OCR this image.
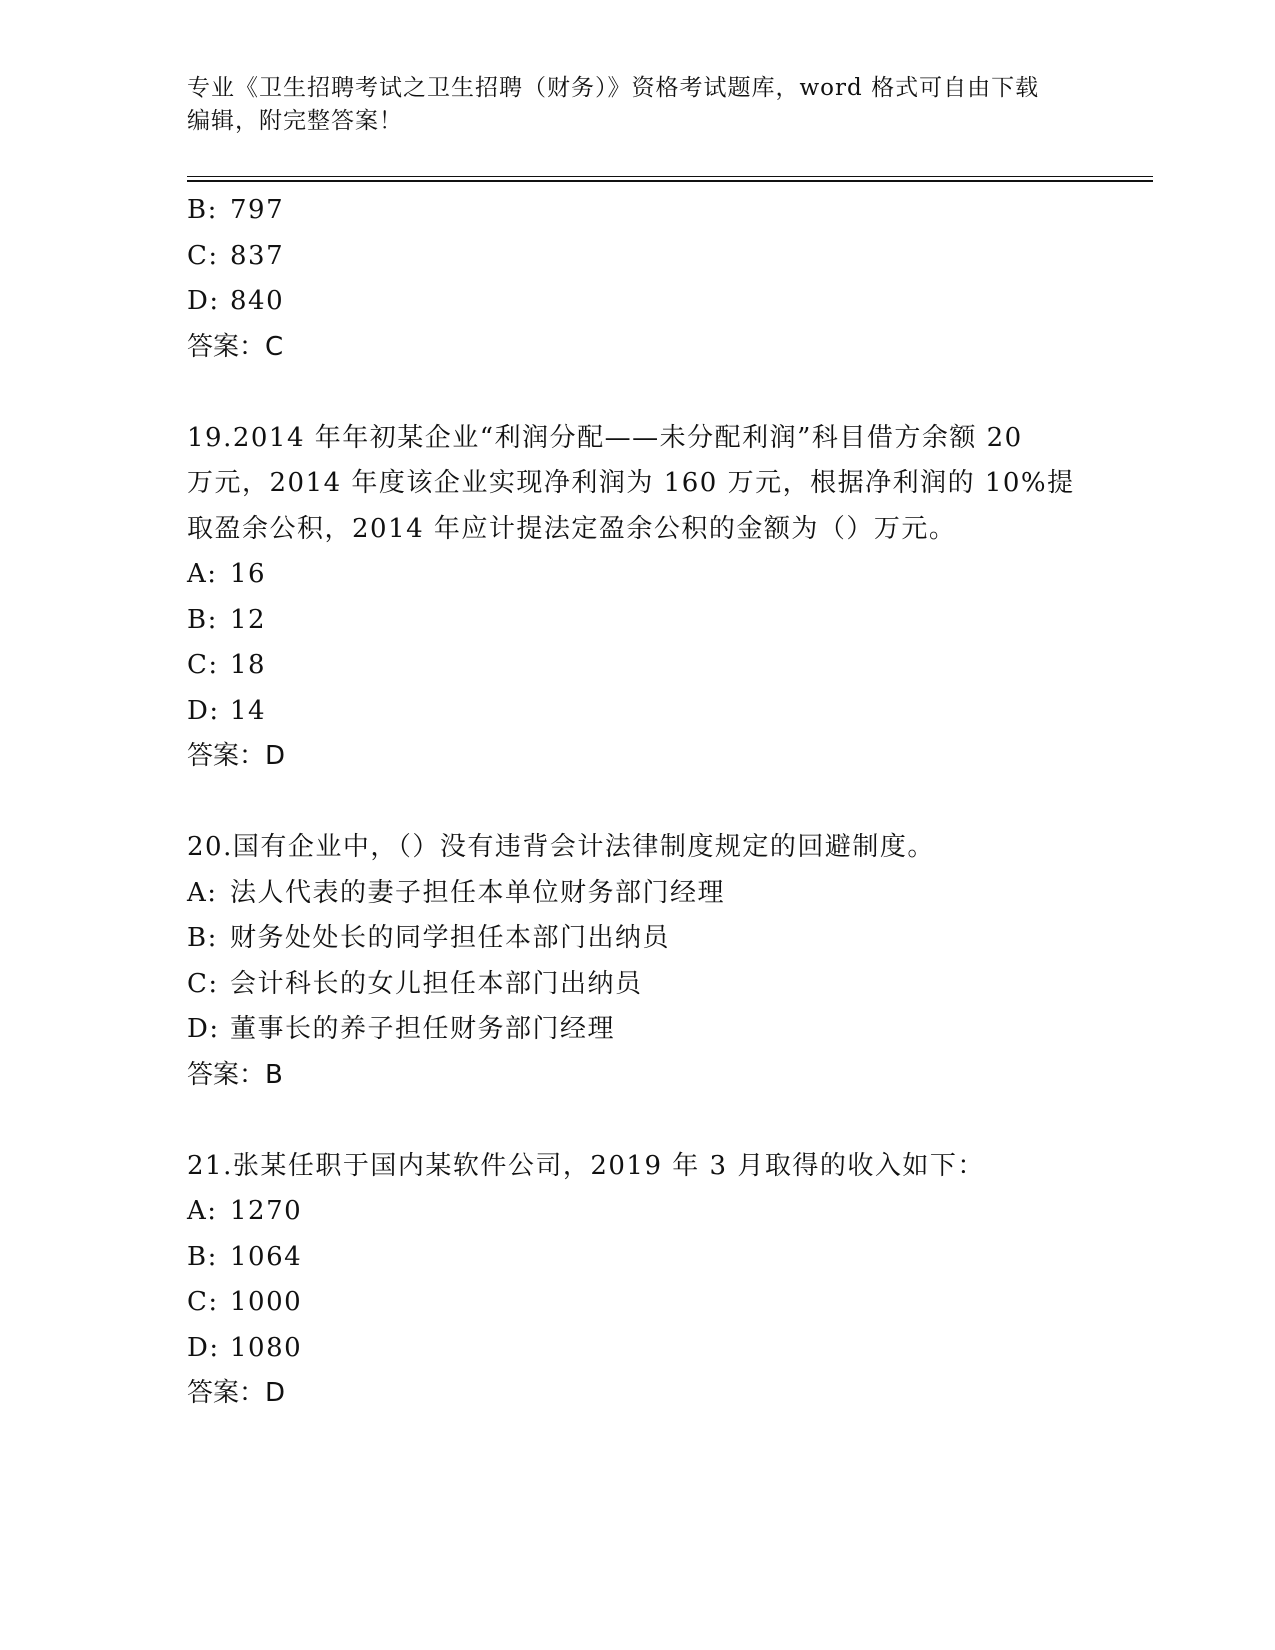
专业《卫生招聘考试之卫生招聘（财务）》资格考试题库，word 格式可自由下载
编辑，附完整答案！
B: 797
C: 837
D: 840
答案：C
19.2014 年年初某企业“利润分配——未分配利润”科目借方余额 20
万元，2014 年度该企业实现净利润为 160 万元，根据净利润的 10%提
取盈余公积，2014 年应计提法定盈余公积的金额为（）万元。
A: 16
B: 12
C: 18
D: 14
答案：D
20.国有企业中，（）没有违背会计法律制度规定的回避制度。
A: 法人代表的妻子担任本单位财务部门经理
B: 财务处处长的同学担任本部门出纳员
C: 会计科长的女儿担任本部门出纳员
D: 董事长的养子担任财务部门经理
答案：B
21.张某任职于国内某软件公司，2019 年 3 月取得的收入如下：
A: 1270
B: 1064
C: 1000
D: 1080
答案：D
